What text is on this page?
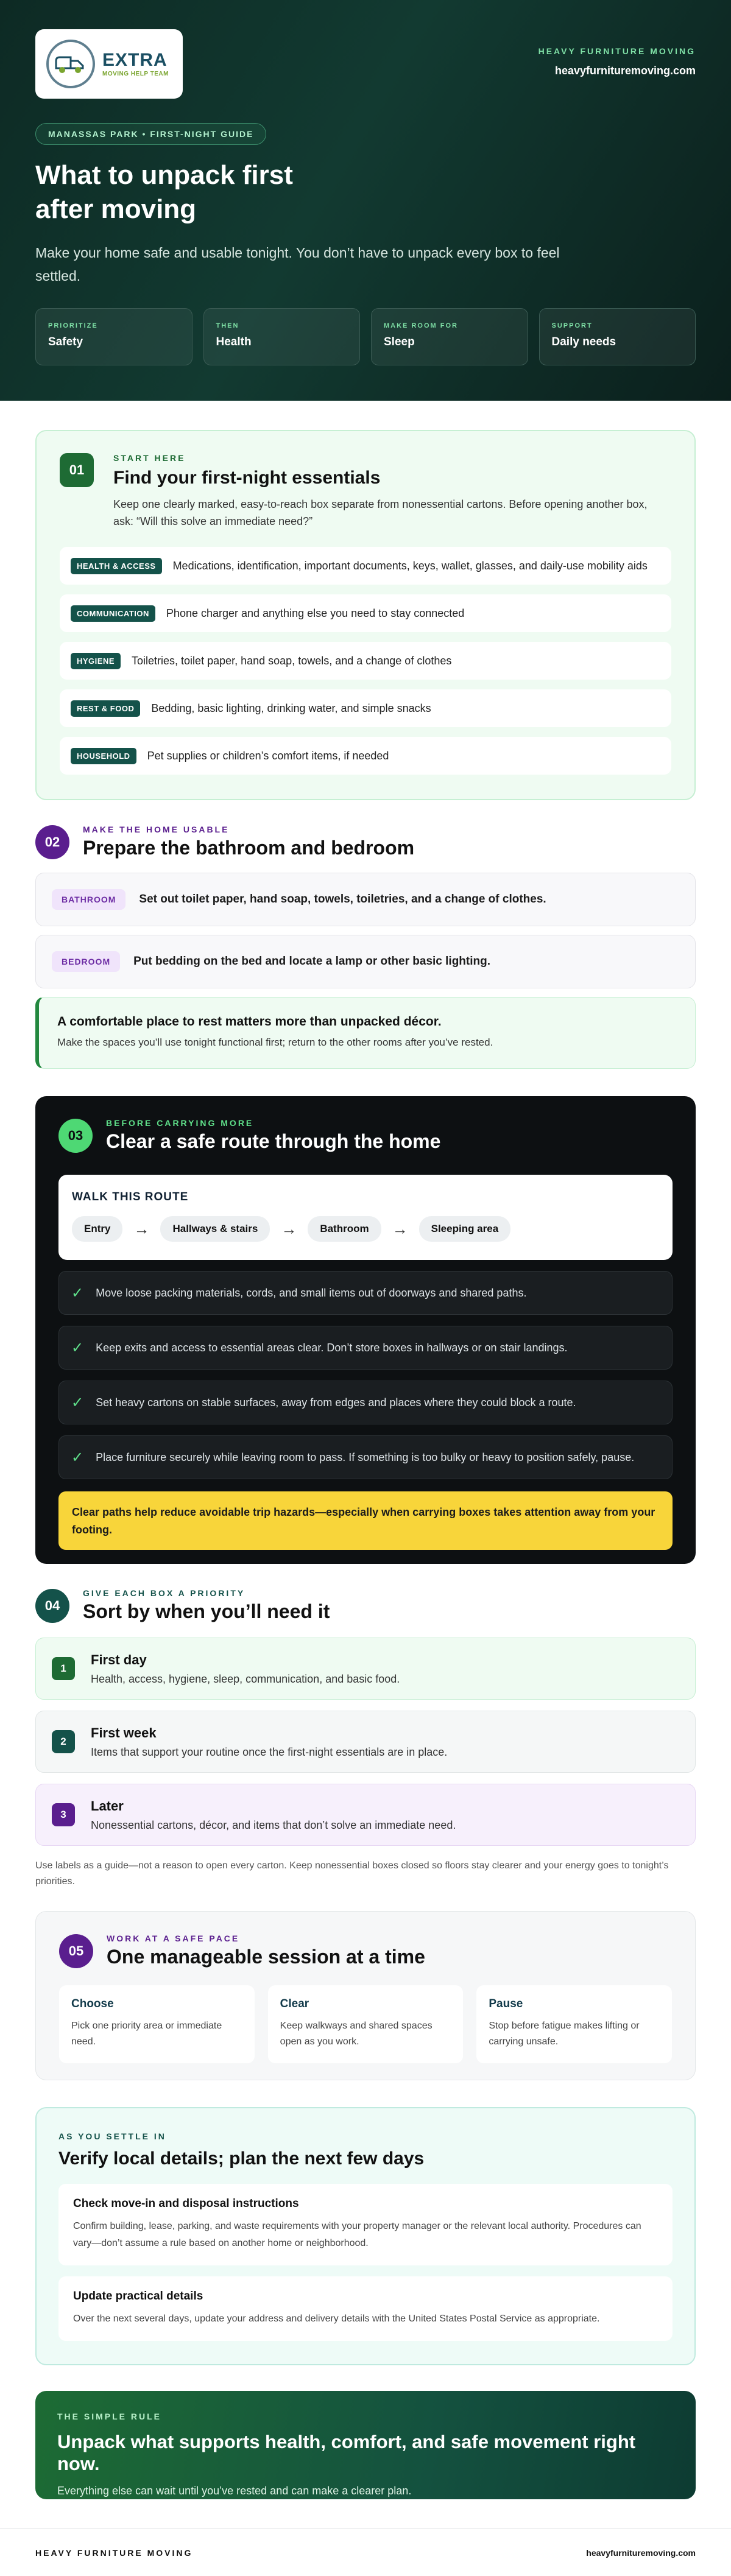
EXTRA
MOVING HELP TEAM
HEAVY FURNITURE MOVING
heavyfurnituremoving.com
MANASSAS PARK • FIRST-NIGHT GUIDE
What to unpack first after moving
Make your home safe and usable tonight. You don’t have to unpack every box to feel settled.
PRIORITIZE
Safety
THEN
Health
MAKE ROOM FOR
Sleep
SUPPORT
Daily needs
01
START HERE
Find your first-night essentials
Keep one clearly marked, easy-to-reach box separate from nonessential cartons. Before opening another box, ask: “Will this solve an immediate need?”
HEALTH & ACCESS	Medications, identification, important documents, keys, wallet, glasses, and daily-use mobility aids
COMMUNICATION	Phone charger and anything else you need to stay connected
HYGIENE	Toiletries, toilet paper, hand soap, towels, and a change of clothes
REST & FOOD	Bedding, basic lighting, drinking water, and simple snacks
HOUSEHOLD	Pet supplies or children’s comfort items, if needed
02
MAKE THE HOME USABLE
Prepare the bathroom and bedroom
BATHROOM	Set out toilet paper, hand soap, towels, toiletries, and a change of clothes.
BEDROOM	Put bedding on the bed and locate a lamp or other basic lighting.
A comfortable place to rest matters more than unpacked décor.
Make the spaces you’ll use tonight functional first; return to the other rooms after you’ve rested.
03
BEFORE CARRYING MORE
Clear a safe route through the home
WALK THIS ROUTE
Entry	→	Hallways & stairs	→	Bathroom	→	Sleeping area
✓ Move loose packing materials, cords, and small items out of doorways and shared paths.
✓ Keep exits and access to essential areas clear. Don’t store boxes in hallways or on stair landings.
✓ Set heavy cartons on stable surfaces, away from edges and places where they could block a route.
✓ Place furniture securely while leaving room to pass. If something is too bulky or heavy to position safely, pause.
Clear paths help reduce avoidable trip hazards—especially when carrying boxes takes attention away from your footing.
04
GIVE EACH BOX A PRIORITY
Sort by when you’ll need it
1
First day
Health, access, hygiene, sleep, communication, and basic food.
2
First week
Items that support your routine once the first-night essentials are in place.
3
Later
Nonessential cartons, décor, and items that don’t solve an immediate need.
Use labels as a guide—not a reason to open every carton. Keep nonessential boxes closed so floors stay clearer and your energy goes to tonight’s priorities.
05
WORK AT A SAFE PACE
One manageable session at a time
Choose
Pick one priority area or immediate need.
Clear
Keep walkways and shared spaces open as you work.
Pause
Stop before fatigue makes lifting or carrying unsafe.
AS YOU SETTLE IN
Verify local details; plan the next few days
Check move-in and disposal instructions
Confirm building, lease, parking, and waste requirements with your property manager or the relevant local authority. Procedures can vary—don’t assume a rule based on another home or neighborhood.
Update practical details
Over the next several days, update your address and delivery details with the United States Postal Service as appropriate.
THE SIMPLE RULE
Unpack what supports health, comfort, and safe movement right now.
Everything else can wait until you’ve rested and can make a clearer plan.
HEAVY FURNITURE MOVING	heavyfurnituremoving.com
